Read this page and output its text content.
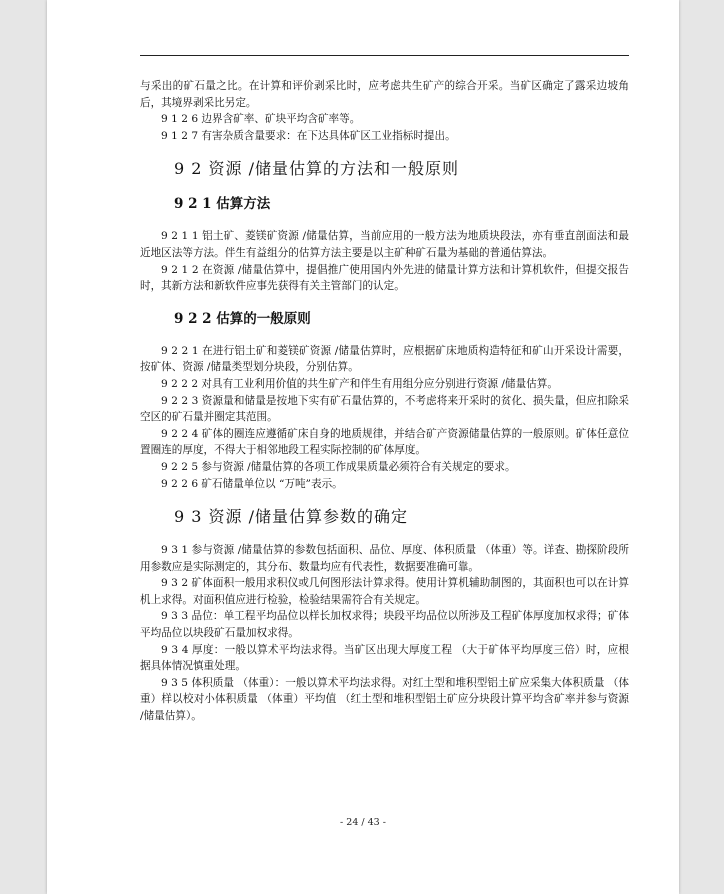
与采出的矿石量之比。在计算和评价剥采比时，应考虑共生矿产的综合开采。当矿区确定了露采边坡角后，其境界剥采比另定。

9 1 2 6 边界含矿率、矿块平均含矿率等。

9 1 2 7 有害杂质含量要求：在下达具体矿区工业指标时提出。

9 2 资源 /储量估算的方法和一般原则
9 2 1 估算方法

9 2 1 1 铝土矿、菱镁矿资源 /储量估算，当前应用的一般方法为地质块段法，亦有垂直剖面法和最近地区法等方法。伴生有益组分的估算方法主要是以主矿种矿石量为基础的普通估算法。

9 2 1 2 在资源 /储量估算中，提倡推广使用国内外先进的储量计算方法和计算机软件，但提交报告时，其新方法和新软件应事先获得有关主管部门的认定。

9 2 2 估算的一般原则

9 2 2 1 在进行铝土矿和菱镁矿资源 /储量估算时，应根据矿床地质构造特征和矿山开采设计需要，按矿体、资源 /储量类型划分块段，分别估算。

9 2 2 2 对具有工业利用价值的共生矿产和伴生有用组分应分别进行资源 /储量估算。

9 2 2 3 资源量和储量是按地下实有矿石量估算的，不考虑将来开采时的贫化、损失量，但应扣除采空区的矿石量并圈定其范围。

9 2 2 4 矿体的圈连应遵循矿床自身的地质规律，并结合矿产资源储量估算的一般原则。矿体任意位置圈连的厚度，不得大于相邻地段工程实际控制的矿体厚度。

9 2 2 5 参与资源 /储量估算的各项工作成果质量必须符合有关规定的要求。

9 2 2 6 矿石储量单位以 “万吨”表示。

9 3 资源 /储量估算参数的确定

9 3 1 参与资源 /储量估算的参数包括面积、品位、厚度、体积质量 （体重）等。详查、勘探阶段所用参数应是实际测定的，其分布、数量均应有代表性，数据要准确可靠。

9 3 2 矿体面积一般用求积仪或几何图形法计算求得。使用计算机辅助制图的，其面积也可以在计算机上求得。对面积值应进行检验，检验结果需符合有关规定。

9 3 3 品位：单工程平均品位以样长加权求得；块段平均品位以所涉及工程矿体厚度加权求得；矿体平均品位以块段矿石量加权求得。

9 3 4 厚度：一般以算术平均法求得。当矿区出现大厚度工程 （大于矿体平均厚度三倍）时，应根据具体情况慎重处理。

9 3 5 体积质量 （体重）：一般以算术平均法求得。对红土型和堆积型铝土矿应采集大体积质量 （体重）样以校对小体积质量 （体重）平均值 （红土型和堆积型铝土矿应分块段计算平均含矿率并参与资源 /储量估算）。

- 24 / 43 -
